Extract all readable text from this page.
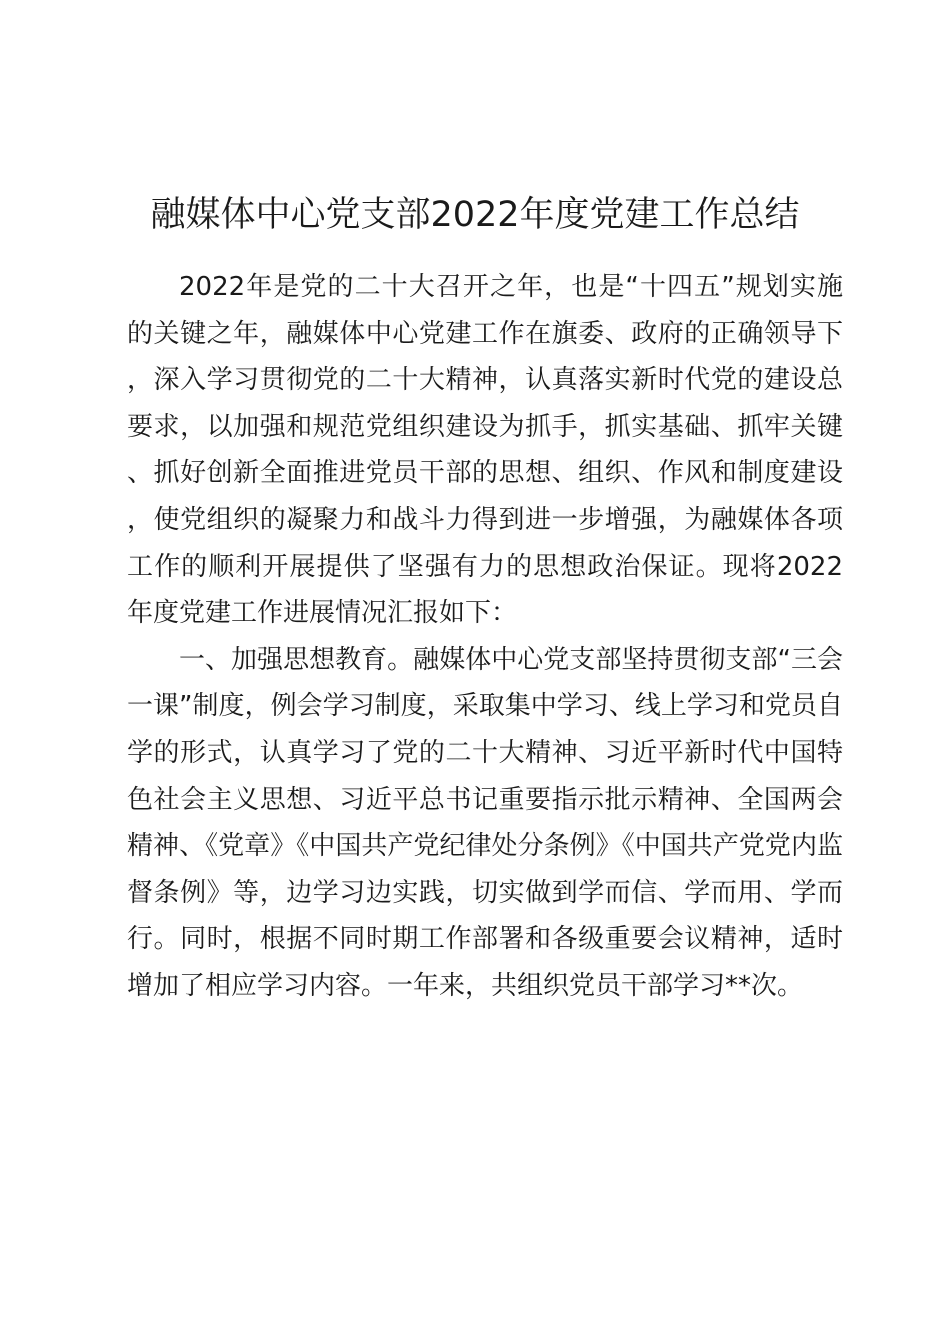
融媒体中心党支部2022年度党建工作总结

2022年是党的二十大召开之年，也是“十四五”规划实施的关键之年，融媒体中心党建工作在旗委、政府的正确领导下，深入学习贯彻党的二十大精神，认真落实新时代党的建设总要求，以加强和规范党组织建设为抓手，抓实基础、抓牢关键、抓好创新全面推进党员干部的思想、组织、作风和制度建设，使党组织的凝聚力和战斗力得到进一步增强，为融媒体各项工作的顺利开展提供了坚强有力的思想政治保证。现将2022年度党建工作进展情况汇报如下：

一、加强思想教育。融媒体中心党支部坚持贯彻支部“三会一课”制度，例会学习制度，采取集中学习、线上学习和党员自学的形式，认真学习了党的二十大精神、习近平新时代中国特色社会主义思想、习近平总书记重要指示批示精神、全国两会精神、《党章》《中国共产党纪律处分条例》《中国共产党党内监督条例》等，边学习边实践，切实做到学而信、学而用、学而行。同时，根据不同时期工作部署和各级重要会议精神，适时增加了相应学习内容。一年来，共组织党员干部学习**次。
